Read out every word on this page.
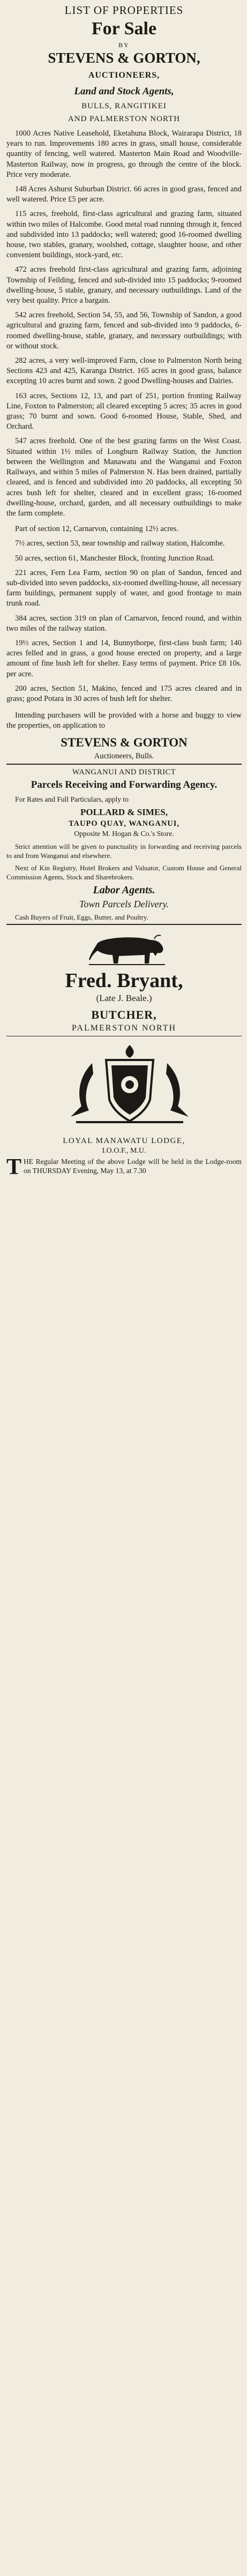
LIST OF PROPERTIES
For Sale
BY
STEVENS & GORTON,
AUCTIONEERS,
Land and Stock Agents,
BULLS, RANGITIKEI
AND PALMERSTON NORTH
1000 Acres Native Leasehold, Eketahuna Block, Wairarapa District, 18 years to run. Improvements 180 acres in grass, small house, considerable quantity of fencing, well watered. Masterton Main Road and Woodville-Masterton Railway, now in progress, go through the centre of the block. Price very moderate.
148 Acres Ashurst Suburban District. 66 acres in good grass, fenced and well watered. Price £5 per acre.
115 acres, freehold, first-class agricultural and grazing farm, situated within two miles of Halcombe. Good metal road running through it, fenced and subdivided into 13 paddocks; well watered; good 16-roomed dwelling house, two stables, granary, woolshed, cottage, slaughter house, and other convenient buildings, stock-yard, etc.
472 acres freehold first-class agricultural and grazing farm, adjoining Township of Feilding, fenced and sub-divided into 15 paddocks; 9-roomed dwelling-house, 5 stable, granary, and necessary outbuildings. Land of the very best quality. Price a bargain.
542 acres freehold, Section 54, 55, and 56, Township of Sandon, a good agricultural and grazing farm, fenced and sub-divided into 9 paddocks, 6-roomed dwelling-house, stable, granary, and necessary outbuildings; with or without stock.
282 acres, a very well-improved Farm, close to Palmerston North being Sections 423 and 425, Karanga District. 165 acres in good grass, balance excepting 10 acres burnt and sown. 2 good Dwelling-houses and Dairies.
163 acres, Sections 12, 13, and part of 251, portion fronting Railway Line, Foxton to Palmerston; all cleared excepting 5 acres; 35 acres in good grass; 70 burnt and sown. Good 6-roomed House, Stable, Shed, and Orchard.
547 acres freehold. One of the best grazing farms on the West Coast. Situated within 1½ miles of Longburn Railway Station, the Junction between the Wellington and Manawatu and the Wanganui and Foxton Railways, and within 5 miles of Palmerston N. Has been drained, partially cleared, and is fenced and subdivided into 20 paddocks, all excepting 50 acres bush left for shelter, cleared and in excellent grass; 16-roomed dwelling-house, orchard, garden, and all necessary outbuildings to make the farm complete.
Part of section 12, Carnarvon, containing 12½ acres.
7½ acres, section 53, near township and railway station, Halcombe.
50 acres, section 61, Manchester Block, fronting Junction Road.
221 acres, Fern Lea Farm, section 90 on plan of Sandon, fenced and sub-divided into seven paddocks, six-roomed dwelling-house, all necessary farm buildings, permanent supply of water, and good frontage to main trunk road.
384 acres, section 319 on plan of Carnarvon, fenced round, and within two miles of the railway station.
19½ acres, Section 1 and 14, Bunnythorpe, first-class bush farm; 140 acres felled and in grass, a good house erected on property, and a large amount of fine bush left for shelter. Easy terms of payment. Price £8 10s. per acre.
200 acres, Section 51, Makino, fenced and 175 acres cleared and in grass; good Potara in 30 acres of bush left for shelter.
Intending purchasers will be provided with a horse and buggy to view the properties, on application to
STEVENS & GORTON
Auctioneers, Bulls.
WANGANUI AND DISTRICT
Parcels Receiving and Forwarding Agency.
For Rates and Full Particulars, apply to
POLLARD & SIMES,
TAUPO QUAY, WANGANUI,
Opposite M. Hogan & Co.'s Store.
Strict attention will be given to punctuality in forwarding and receiving parcels to and from Wanganui and elsewhere.
Next of Kin Registry, Hotel Brokers and Valuator, Custom House and General Commission Agents, Stock and Sharebrokers.
Labor Agents.
Town Parcels Delivery.
Cash Buyers of Fruit, Eggs, Butter, and Poultry.
Fred. Bryant,
(Late J. Beale.)
BUTCHER,
PALMERSTON NORTH
LOYAL MANAWATU LODGE,
I.O.O.F., M.U.
THE Regular Meeting of the above Lodge will be held in the Lodge-room on THURSDAY Evening, May 13, at 7.30
